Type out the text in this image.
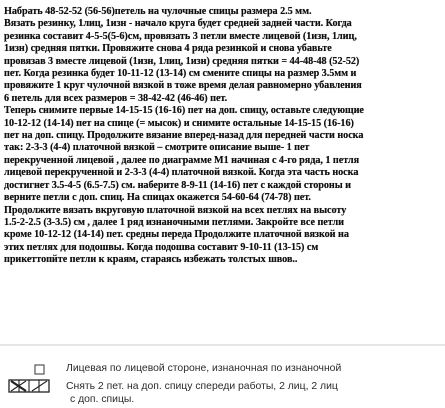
Набрать 48-52-52 (56-56)петель на чулочные спицы размера 2.5 мм.
Вязать резинку, 1лиц, 1изн - начало круга будет средней задней части. Когда
резинка составит 4-5-5(5-6)см, провязать 3 петли вместе лицевой (1изн, 1лиц,
1изн) средняя пятки. Провяжите снова 4 ряда резинкой и снова убавьте
провязав 3 вместе лицевой (1изн, 1лиц, 1изн) средняя пятки = 44-48-48 (52-52)
пет. Когда резинка будет 10-11-12 (13-14) см смените спицы на размер 3.5мм и
провяжите 1 круг чулочной вязкой в тоже время делая равномерно убавления
6 петель для всех размеров = 38-42-42 (46-46) пет.
Теперь снимите первые 14-15-15 (16-16) пет на доп. спицу, оставьте следующие
10-12-12 (14-14) пет на спице (= мысок) и снимите остальные 14-15-15 (16-16)
пет на доп. спицу. Продолжите вязание вперед-назад для передней части носка
так: 2-3-3 (4-4) платочной вязкой – смотрите описание выше- 1 пет
перекрученной лицевой , далее по диаграмме М1 начиная с 4-го ряда, 1 петля
лицевой перекрученной и 2-3-3 (4-4) платочной вязкой. Когда эта часть носка
достигнет 3.5-4-5 (6.5-7.5) см. наберите 8-9-11 (14-16) пет с каждой стороны и
верните петли с доп. спиц. На спицах окажется 54-60-64 (74-78) пет.
Продолжите вязать вкруговую платочной вязкой на всех петлях на высоту
1.5-2-2.5 (3-3.5) см , далее 1 ряд изнаночными петлями. Закройте все петли
кроме 10-12-12 (14-14) пет. средны переда Продолжите платочной вязкой на
этих петлях для подошвы. Когда подошва составит 9-10-11 (13-15) см
прикеттопйте петли к краям, стараясь избежать толстых швов..
Лицевая по лицевой стороне, изнаночная по изнаночной
Снять 2 пет. на доп. спицу спереди работы, 2 лиц, 2 лиц
с доп. спицы.
